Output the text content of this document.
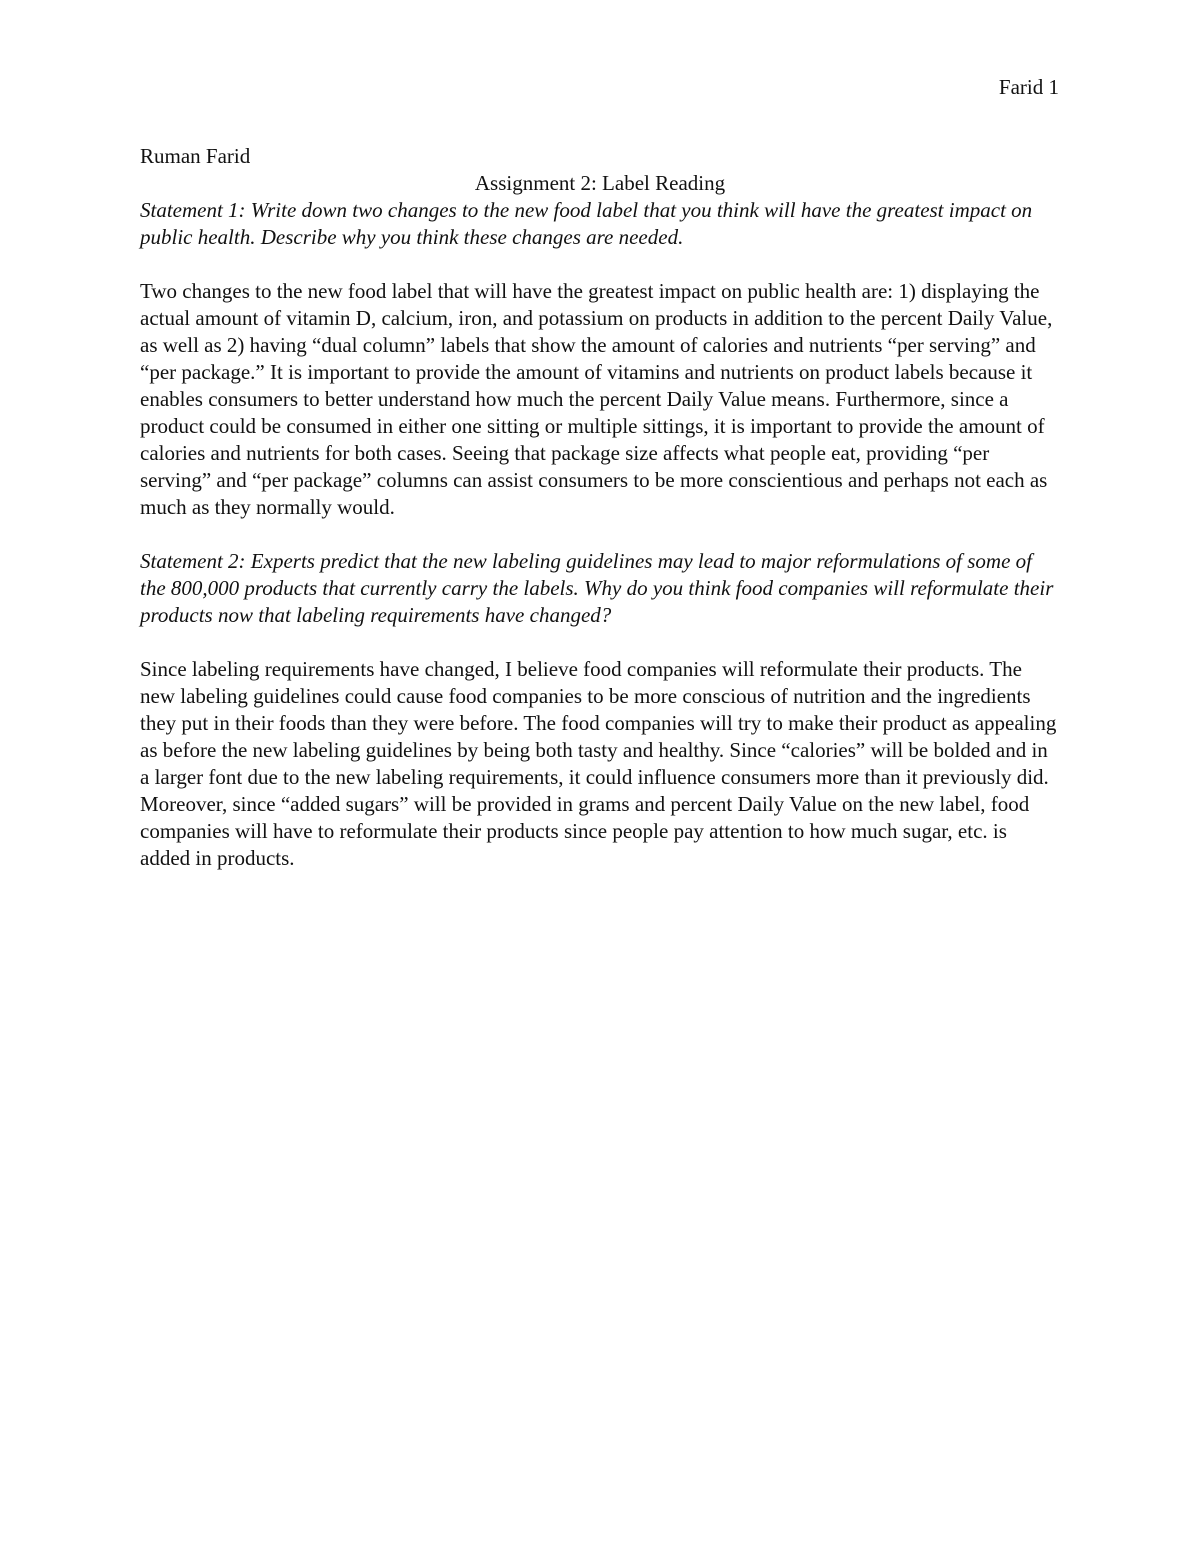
Farid 1

Ruman Farid

Assignment 2: Label Reading

Statement 1: Write down two changes to the new food label that you think will have the greatest impact on public health. Describe why you think these changes are needed.

Two changes to the new food label that will have the greatest impact on public health are: 1) displaying the actual amount of vitamin D, calcium, iron, and potassium on products in addition to the percent Daily Value, as well as 2) having “dual column” labels that show the amount of calories and nutrients “per serving” and “per package.” It is important to provide the amount of vitamins and nutrients on product labels because it enables consumers to better understand how much the percent Daily Value means. Furthermore, since a product could be consumed in either one sitting or multiple sittings, it is important to provide the amount of calories and nutrients for both cases. Seeing that package size affects what people eat, providing “per serving” and “per package” columns can assist consumers to be more conscientious and perhaps not each as much as they normally would.

Statement 2: Experts predict that the new labeling guidelines may lead to major reformulations of some of the 800,000 products that currently carry the labels. Why do you think food companies will reformulate their products now that labeling requirements have changed?

Since labeling requirements have changed, I believe food companies will reformulate their products. The new labeling guidelines could cause food companies to be more conscious of nutrition and the ingredients they put in their foods than they were before. The food companies will try to make their product as appealing as before the new labeling guidelines by being both tasty and healthy. Since “calories” will be bolded and in a larger font due to the new labeling requirements, it could influence consumers more than it previously did. Moreover, since “added sugars” will be provided in grams and percent Daily Value on the new label, food companies will have to reformulate their products since people pay attention to how much sugar, etc. is added in products.
